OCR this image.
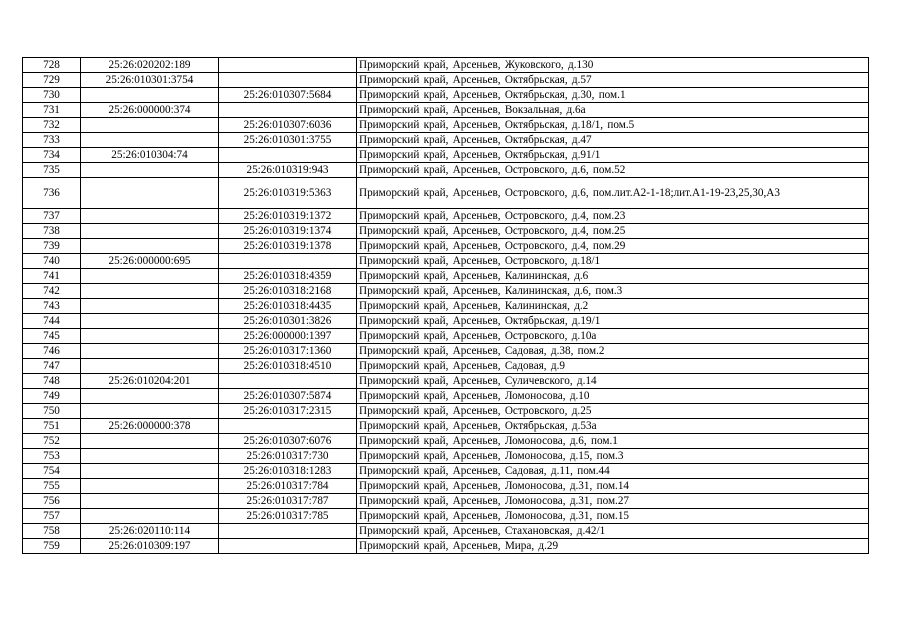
728	25:26:020202:189		Приморский край, Арсеньев, Жуковского, д.130
729	25:26:010301:3754		Приморский край, Арсеньев, Октябрьская, д.57
730		25:26:010307:5684	Приморский край, Арсеньев, Октябрьская, д.30, пом.1
731	25:26:000000:374		Приморский край, Арсеньев, Вокзальная, д.6а
732		25:26:010307:6036	Приморский край, Арсеньев, Октябрьская, д.18/1, пом.5
733		25:26:010301:3755	Приморский край, Арсеньев, Октябрьская, д.47
734	25:26:010304:74		Приморский край, Арсеньев, Октябрьская, д.91/1
735		25:26:010319:943	Приморский край, Арсеньев, Островского, д.6, пом.52
736		25:26:010319:5363	Приморский край, Арсеньев, Островского, д.6, пом.лит.А2-1-18;лит.А1-19-23,25,30,А3
737		25:26:010319:1372	Приморский край, Арсеньев, Островского, д.4, пом.23
738		25:26:010319:1374	Приморский край, Арсеньев, Островского, д.4, пом.25
739		25:26:010319:1378	Приморский край, Арсеньев, Островского, д.4, пом.29
740	25:26:000000:695		Приморский край, Арсеньев, Островского, д.18/1
741		25:26:010318:4359	Приморский край, Арсеньев, Калининская, д.6
742		25:26:010318:2168	Приморский край, Арсеньев, Калининская, д.6, пом.3
743		25:26:010318:4435	Приморский край, Арсеньев, Калининская, д.2
744		25:26:010301:3826	Приморский край, Арсеньев, Октябрьская, д.19/1
745		25:26:000000:1397	Приморский край, Арсеньев, Островского, д.10а
746		25:26:010317:1360	Приморский край, Арсеньев, Садовая, д.38, пом.2
747		25:26:010318:4510	Приморский край, Арсеньев, Садовая, д.9
748	25:26:010204:201		Приморский край, Арсеньев, Суличевского, д.14
749		25:26:010307:5874	Приморский край, Арсеньев, Ломоносова, д.10
750		25:26:010317:2315	Приморский край, Арсеньев, Островского, д.25
751	25:26:000000:378		Приморский край, Арсеньев, Октябрьская, д.53а
752		25:26:010307:6076	Приморский край, Арсеньев, Ломоносова, д.6, пом.1
753		25:26:010317:730	Приморский край, Арсеньев, Ломоносова, д.15, пом.3
754		25:26:010318:1283	Приморский край, Арсеньев, Садовая, д.11, пом.44
755		25:26:010317:784	Приморский край, Арсеньев, Ломоносова, д.31, пом.14
756		25:26:010317:787	Приморский край, Арсеньев, Ломоносова, д.31, пом.27
757		25:26:010317:785	Приморский край, Арсеньев, Ломоносова, д.31, пом.15
758	25:26:020110:114		Приморский край, Арсеньев, Стахановская, д.42/1
759	25:26:010309:197		Приморский край, Арсеньев, Мира, д.29
